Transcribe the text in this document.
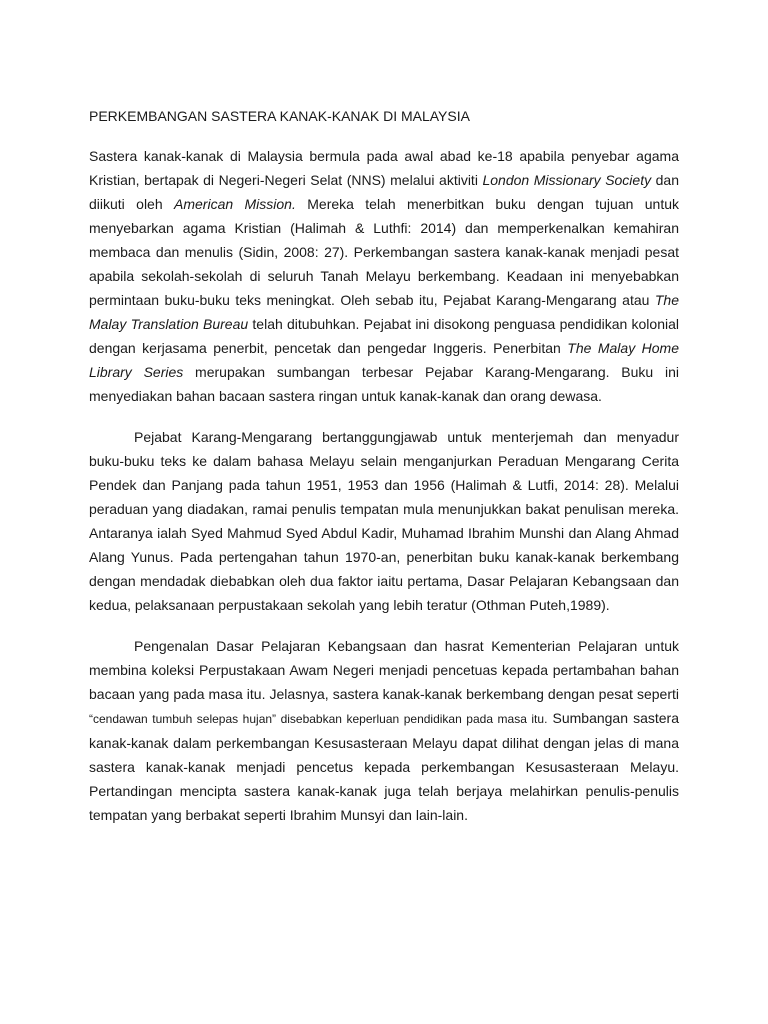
PERKEMBANGAN SASTERA KANAK-KANAK DI MALAYSIA

Sastera kanak-kanak di Malaysia bermula pada awal abad ke-18 apabila penyebar agama Kristian, bertapak di Negeri-Negeri Selat (NNS) melalui aktiviti London Missionary Society dan diikuti oleh American Mission. Mereka telah menerbitkan buku dengan tujuan untuk menyebarkan agama Kristian (Halimah & Luthfi: 2014) dan memperkenalkan kemahiran membaca dan menulis (Sidin, 2008: 27). Perkembangan sastera kanak-kanak menjadi pesat apabila sekolah-sekolah di seluruh Tanah Melayu berkembang. Keadaan ini menyebabkan permintaan buku-buku teks meningkat. Oleh sebab itu, Pejabat Karang-Mengarang atau The Malay Translation Bureau telah ditubuhkan. Pejabat ini disokong penguasa pendidikan kolonial dengan kerjasama penerbit, pencetak dan pengedar Inggeris. Penerbitan The Malay Home Library Series merupakan sumbangan terbesar Pejabar Karang-Mengarang. Buku ini menyediakan bahan bacaan sastera ringan untuk kanak-kanak dan orang dewasa.

Pejabat Karang-Mengarang bertanggungjawab untuk menterjemah dan menyadur buku-buku teks ke dalam bahasa Melayu selain menganjurkan Peraduan Mengarang Cerita Pendek dan Panjang pada tahun 1951, 1953 dan 1956 (Halimah & Lutfi, 2014: 28). Melalui peraduan yang diadakan, ramai penulis tempatan mula menunjukkan bakat penulisan mereka. Antaranya ialah Syed Mahmud Syed Abdul Kadir, Muhamad Ibrahim Munshi dan Alang Ahmad Alang Yunus. Pada pertengahan tahun 1970-an, penerbitan buku kanak-kanak berkembang dengan mendadak diebabkan oleh dua faktor iaitu pertama, Dasar Pelajaran Kebangsaan dan kedua, pelaksanaan perpustakaan sekolah yang lebih teratur (Othman Puteh,1989).

Pengenalan Dasar Pelajaran Kebangsaan dan hasrat Kementerian Pelajaran untuk membina koleksi Perpustakaan Awam Negeri menjadi pencetuas kepada pertambahan bahan bacaan yang pada masa itu. Jelasnya, sastera kanak-kanak berkembang dengan pesat seperti “cendawan tumbuh selepas hujan” disebabkan keperluan pendidikan pada masa itu. Sumbangan sastera kanak-kanak dalam perkembangan Kesusasteraan Melayu dapat dilihat dengan jelas di mana sastera kanak-kanak menjadi pencetus kepada perkembangan Kesusasteraan Melayu. Pertandingan mencipta sastera kanak-kanak juga telah berjaya melahirkan penulis-penulis tempatan yang berbakat seperti Ibrahim Munsyi dan lain-lain.
